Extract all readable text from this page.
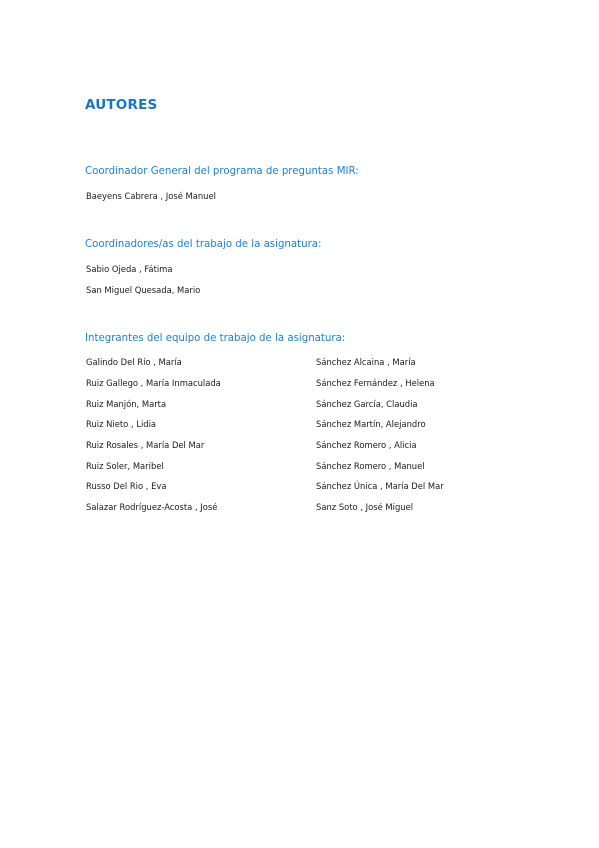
AUTORES
Coordinador General del programa de preguntas MIR:
Baeyens Cabrera , José Manuel
Coordinadores/as del trabajo de la asignatura:
Sabio Ojeda , Fátima
San Miguel Quesada, Mario
Integrantes del equipo de trabajo de la asignatura:
Galindo Del Río , María
Ruiz Gallego , María Inmaculada
Ruiz Manjón, Marta
Ruiz Nieto , Lidia
Ruiz Rosales , María Del Mar
Ruiz Soler, Maribel
Russo Del Rio , Eva
Salazar Rodríguez-Acosta , José
Sánchez Alcaina , María
Sánchez Fernández , Helena
Sánchez García, Claudia
Sánchez Martín, Alejandro
Sánchez Romero , Alicia
Sánchez Romero , Manuel
Sánchez Única , María Del Mar
Sanz Soto , José Miguel
